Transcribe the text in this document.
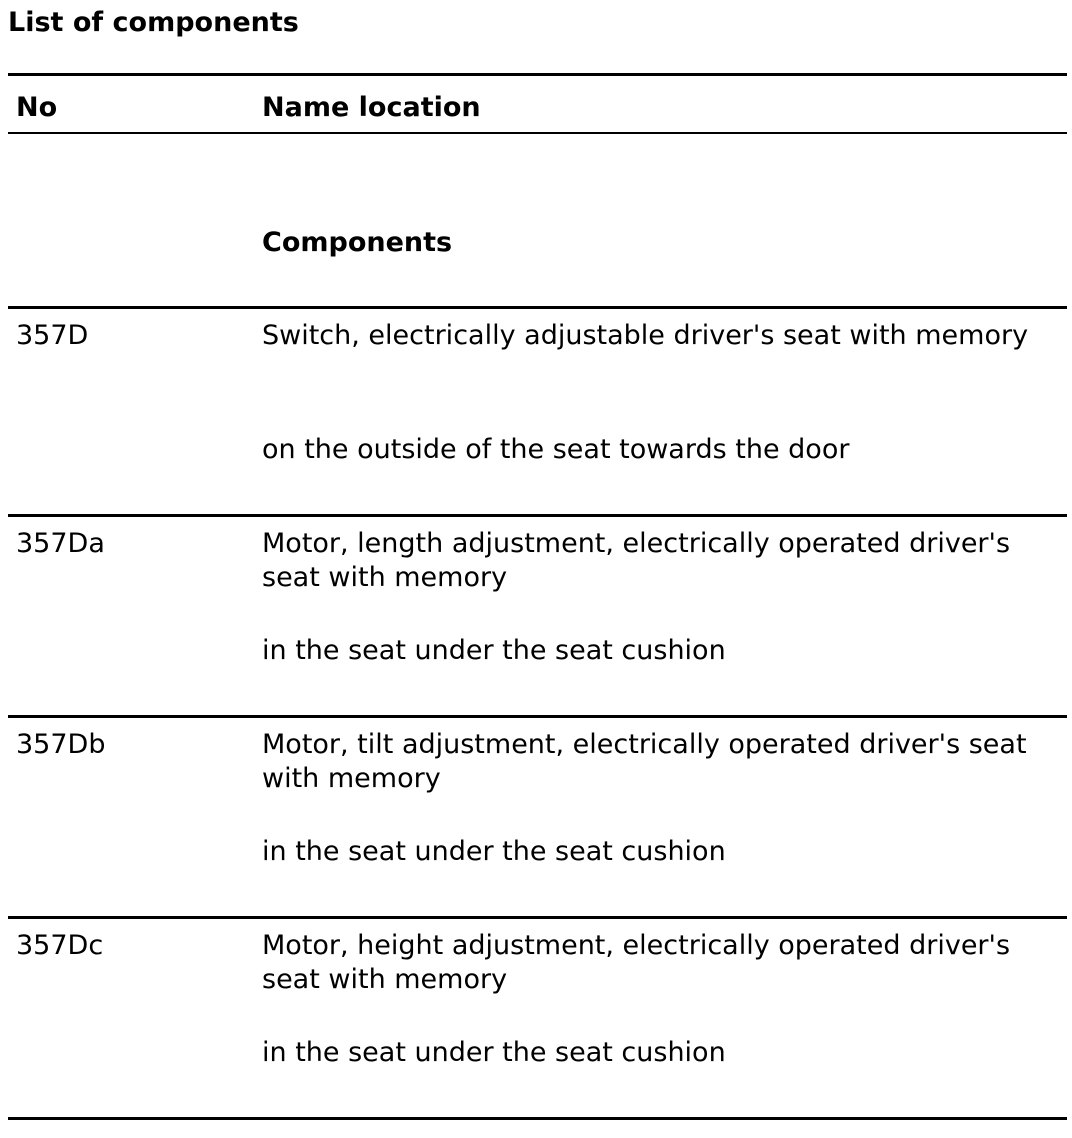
List of components
No	Name location
Components
357D	Switch, electrically adjustable driver's seat with memory
on the outside of the seat towards the door
357Da	Motor, length adjustment, electrically operated driver's
seat with memory
in the seat under the seat cushion
357Db	Motor, tilt adjustment, electrically operated driver's seat
with memory
in the seat under the seat cushion
357Dc	Motor, height adjustment, electrically operated driver's
seat with memory
in the seat under the seat cushion
